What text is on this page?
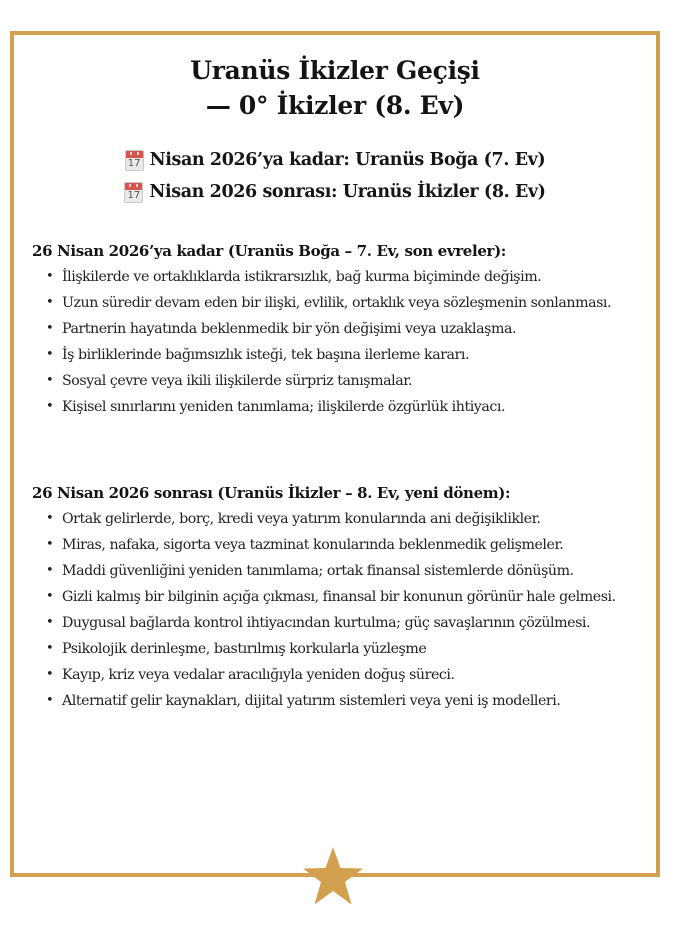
Uranüs İkizler Geçişi
— 0° İkizler (8. Ev)
17 Nisan 2026’ya kadar: Uranüs Boğa (7. Ev)
17 Nisan 2026 sonrası: Uranüs İkizler (8. Ev)
26 Nisan 2026’ya kadar (Uranüs Boğa – 7. Ev, son evreler):
• İlişkilerde ve ortaklıklarda istikrarsızlık, bağ kurma biçiminde değişim.
• Uzun süredir devam eden bir ilişki, evlilik, ortaklık veya sözleşmenin sonlanması.
• Partnerin hayatında beklenmedik bir yön değişimi veya uzaklaşma.
• İş birliklerinde bağımsızlık isteği, tek başına ilerleme kararı.
• Sosyal çevre veya ikili ilişkilerde sürpriz tanışmalar.
• Kişisel sınırlarını yeniden tanımlama; ilişkilerde özgürlük ihtiyacı.
26 Nisan 2026 sonrası (Uranüs İkizler – 8. Ev, yeni dönem):
• Ortak gelirlerde, borç, kredi veya yatırım konularında ani değişiklikler.
• Miras, nafaka, sigorta veya tazminat konularında beklenmedik gelişmeler.
• Maddi güvenliğini yeniden tanımlama; ortak finansal sistemlerde dönüşüm.
• Gizli kalmış bir bilginin açığa çıkması, finansal bir konunun görünür hale gelmesi.
• Duygusal bağlarda kontrol ihtiyacından kurtulma; güç savaşlarının çözülmesi.
• Psikolojik derinleşme, bastırılmış korkularla yüzleşme
• Kayıp, kriz veya vedalar aracılığıyla yeniden doğuş süreci.
• Alternatif gelir kaynakları, dijital yatırım sistemleri veya yeni iş modelleri.
